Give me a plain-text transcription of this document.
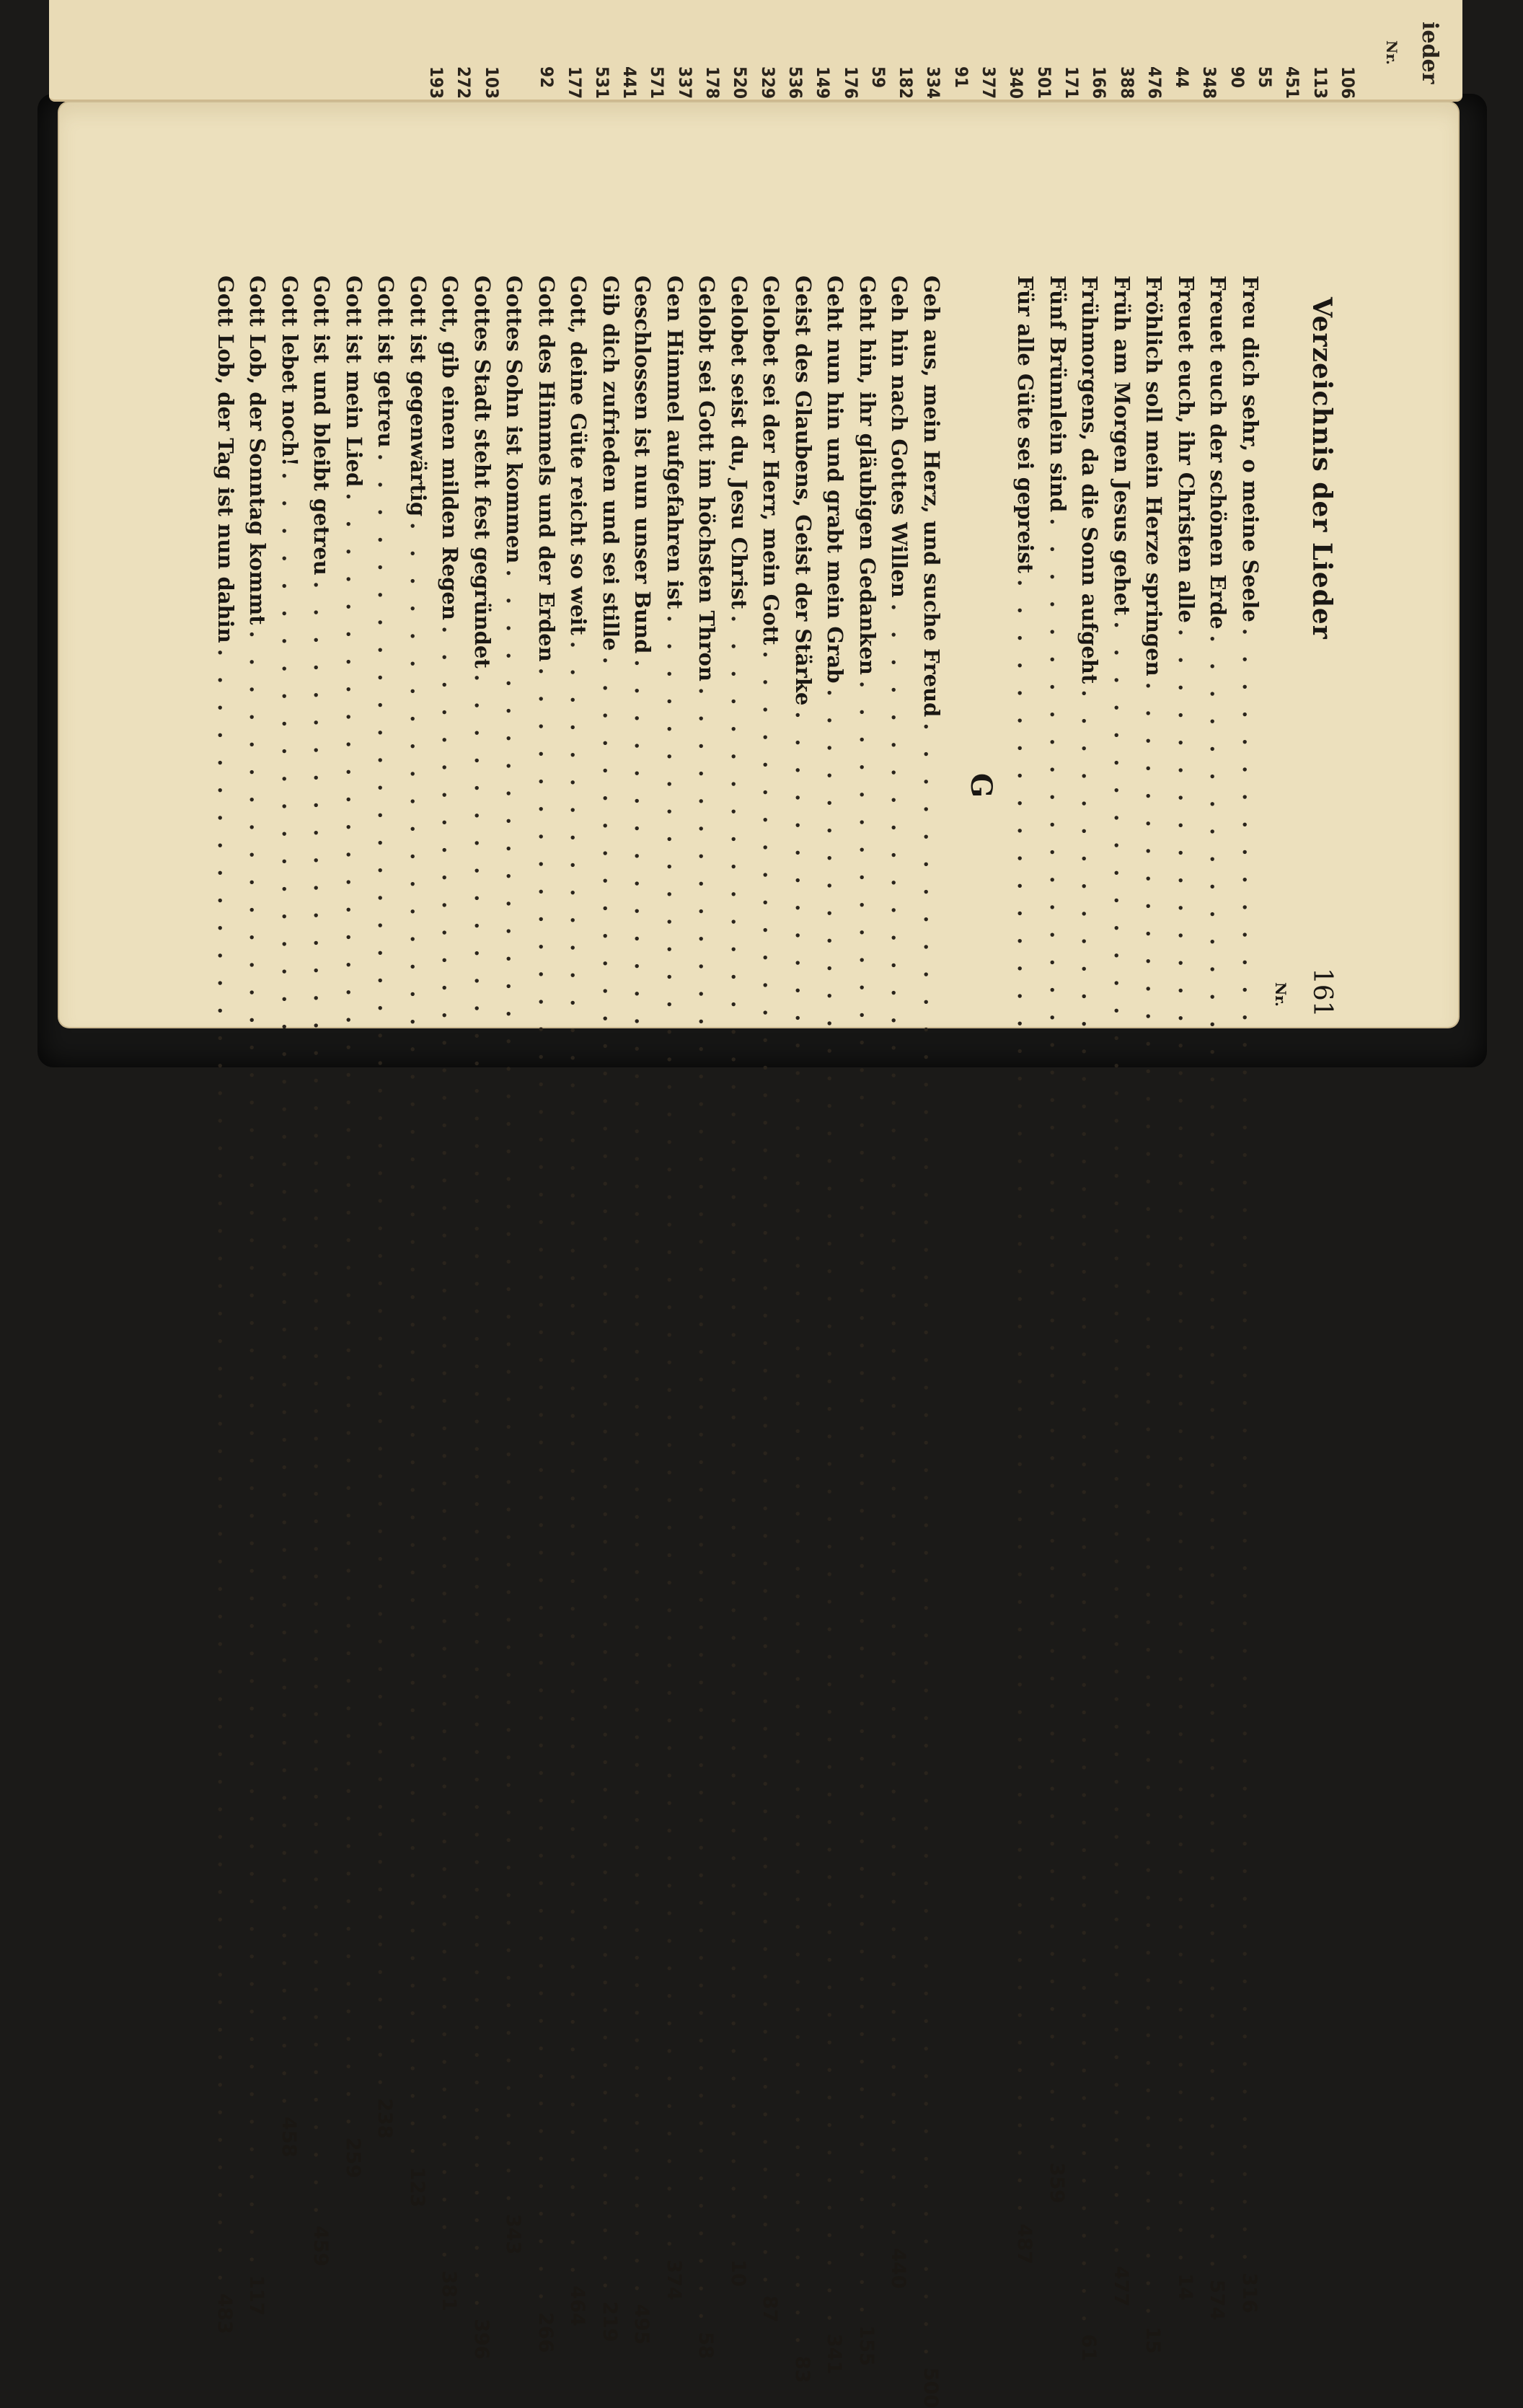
ieder
Nr.
106
113
451
55
90
348
44
476
388
166
171
501
340
377
91
334
182
59
176
149
536
329
520
178
337
571
441
531
177
92
103
272
193
Verzeichnis der Lieder
161
Nr.
G
Freu dich sehr, o meine Seele
. . . . . . . . . . . . . . . . . . . . . . . . . . . . . . . . . . . . . . . . . . . . . . . . . . . . . . . . . . . .
316
Freuet euch der schönen Erde
. . . . . . . . . . . . . . . . . . . . . . . . . . . . . . . . . . . . . . . . . . . . . . . . . . . . . . . . . . . .
574
Freuet euch, ihr Christen alle
. . . . . . . . . . . . . . . . . . . . . . . . . . . . . . . . . . . . . . . . . . . . . . . . . . . . . . . . . . . .
14
Fröhlich soll mein Herze springen
. . . . . . . . . . . . . . . . . . . . . . . . . . . . . . . . . . . . . . . . . . . . . . . . . . . . . . . . . . . .
15
Früh am Morgen Jesus gehet
. . . . . . . . . . . . . . . . . . . . . . . . . . . . . . . . . . . . . . . . . . . . . . . . . . . . . . . . . . . .
477
Frühmorgens, da die Sonn aufgeht
. . . . . . . . . . . . . . . . . . . . . . . . . . . . . . . . . . . . . . . . . . . . . . . . . . . . . . . . . . . .
61
Fünf Brünnlein sind
. . . . . . . . . . . . . . . . . . . . . . . . . . . . . . . . . . . . . . . . . . . . . . . . . . . . . . . . . . . .
359
Für alle Güte sei gepreist
. . . . . . . . . . . . . . . . . . . . . . . . . . . . . . . . . . . . . . . . . . . . . . . . . . . . . . . . . . . .
487
Geh aus, mein Herz, und suche Freud
. . . . . . . . . . . . . . . . . . . . . . . . . . . . . . . . . . . . . . . . . . . . . . . . . . . . . . . . . . . .
500
Geh hin nach Gottes Willen
. . . . . . . . . . . . . . . . . . . . . . . . . . . . . . . . . . . . . . . . . . . . . . . . . . . . . . . . . . . .
440
Geht hin, ihr gläubigen Gedanken
. . . . . . . . . . . . . . . . . . . . . . . . . . . . . . . . . . . . . . . . . . . . . . . . . . . . . . . . . . . .
155
Geht nun hin und grabt mein Grab
. . . . . . . . . . . . . . . . . . . . . . . . . . . . . . . . . . . . . . . . . . . . . . . . . . . . . . . . . . . .
341
Geist des Glaubens, Geist der Stärke
. . . . . . . . . . . . . . . . . . . . . . . . . . . . . . . . . . . . . . . . . . . . . . . . . . . . . . . . . . . .
83
Gelobet sei der Herr, mein Gott
. . . . . . . . . . . . . . . . . . . . . . . . . . . . . . . . . . . . . . . . . . . . . . . . . . . . . . . . . . . .
87
Gelobet seist du, Jesu Christ
. . . . . . . . . . . . . . . . . . . . . . . . . . . . . . . . . . . . . . . . . . . . . . . . . . . . . . . . . . . .
10
Gelobt sei Gott im höchsten Thron
. . . . . . . . . . . . . . . . . . . . . . . . . . . . . . . . . . . . . . . . . . . . . . . . . . . . . . . . . . . .
58
Gen Himmel aufgefahren ist
. . . . . . . . . . . . . . . . . . . . . . . . . . . . . . . . . . . . . . . . . . . . . . . . . . . . . . . . . . . .
374
Geschlossen ist nun unser Bund
. . . . . . . . . . . . . . . . . . . . . . . . . . . . . . . . . . . . . . . . . . . . . . . . . . . . . . . . . . . .
495
Gib dich zufrieden und sei stille
. . . . . . . . . . . . . . . . . . . . . . . . . . . . . . . . . . . . . . . . . . . . . . . . . . . . . . . . . . . .
219
Gott, deine Güte reicht so weit
. . . . . . . . . . . . . . . . . . . . . . . . . . . . . . . . . . . . . . . . . . . . . . . . . . . . . . . . . . . .
464
Gott des Himmels und der Erden
. . . . . . . . . . . . . . . . . . . . . . . . . . . . . . . . . . . . . . . . . . . . . . . . . . . . . . . . . . . .
266
Gottes Sohn ist kommen
. . . . . . . . . . . . . . . . . . . . . . . . . . . . . . . . . . . . . . . . . . . . . . . . . . . . . . . . . . . .
343
Gottes Stadt steht fest gegründet
. . . . . . . . . . . . . . . . . . . . . . . . . . . . . . . . . . . . . . . . . . . . . . . . . . . . . . . . . . . .
396
Gott, gib einen milden Regen
. . . . . . . . . . . . . . . . . . . . . . . . . . . . . . . . . . . . . . . . . . . . . . . . . . . . . . . . . . . .
381
Gott ist gegenwärtig
. . . . . . . . . . . . . . . . . . . . . . . . . . . . . . . . . . . . . . . . . . . . . . . . . . . . . . . . . . . .
123
Gott ist getreu
. . . . . . . . . . . . . . . . . . . . . . . . . . . . . . . . . . . . . . . . . . . . . . . . . . . . . . . . . . . .
238
Gott ist mein Lied
. . . . . . . . . . . . . . . . . . . . . . . . . . . . . . . . . . . . . . . . . . . . . . . . . . . . . . . . . . . .
259
Gott ist und bleibt getreu
. . . . . . . . . . . . . . . . . . . . . . . . . . . . . . . . . . . . . . . . . . . . . . . . . . . . . . . . . . . .
459
Gott lebet noch!
. . . . . . . . . . . . . . . . . . . . . . . . . . . . . . . . . . . . . . . . . . . . . . . . . . . . . . . . . . . .
458
Gott Lob, der Sonntag kommt
. . . . . . . . . . . . . . . . . . . . . . . . . . . . . . . . . . . . . . . . . . . . . . . . . . . . . . . . . . . .
117
Gott Lob, der Tag ist nun dahin
. . . . . . . . . . . . . . . . . . . . . . . . . . . . . . . . . . . . . . . . . . . . . . . . . . . . . . . . . . . .
483
